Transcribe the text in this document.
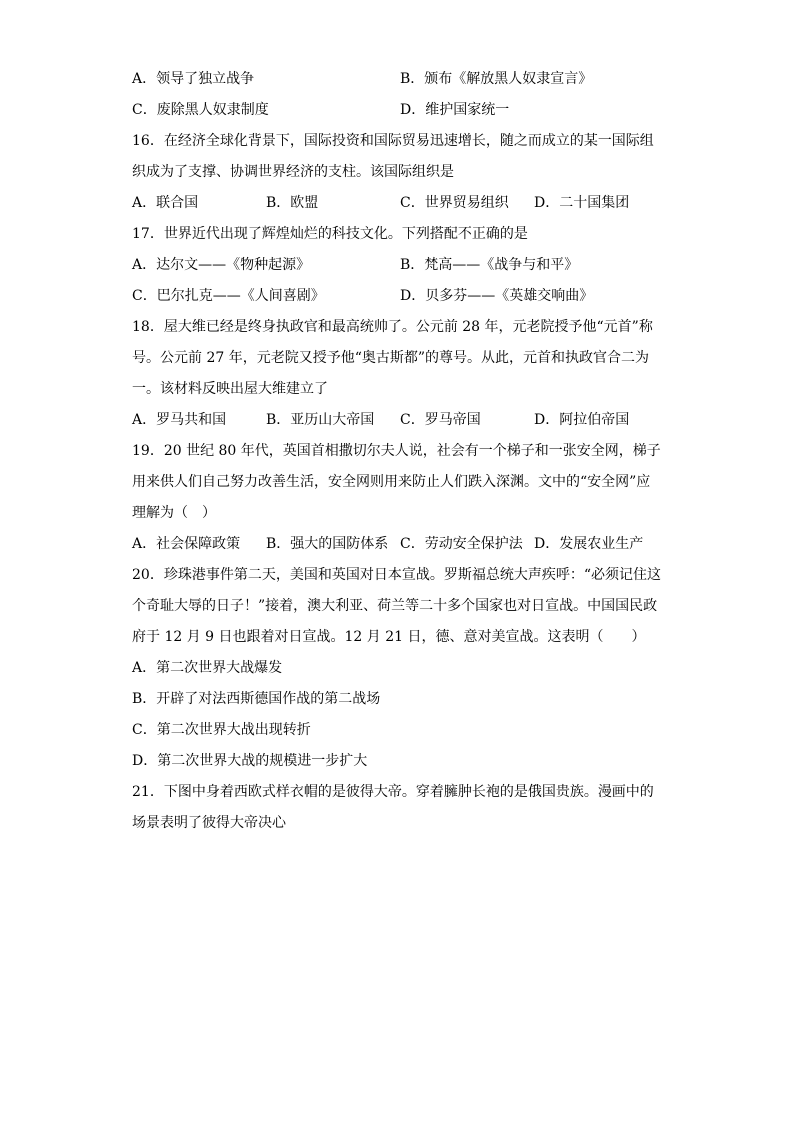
A．领导了独立战争	B．颁布《解放黑人奴隶宣言》
C．废除黑人奴隶制度	D．维护国家统一
16．在经济全球化背景下，国际投资和国际贸易迅速增长，随之而成立的某一国际组
织成为了支撑、协调世界经济的支柱。该国际组织是
A．联合国	B．欧盟	C．世界贸易组织	D．二十国集团
17．世界近代出现了辉煌灿烂的科技文化。下列搭配不正确的是
A．达尔文——《物种起源》	B．梵高——《战争与和平》
C．巴尔扎克——《人间喜剧》	D．贝多芬——《英雄交响曲》
18．屋大维已经是终身执政官和最高统帅了。公元前 28 年，元老院授予他“元首”称
号。公元前 27 年，元老院又授予他“奥古斯都”的尊号。从此，元首和执政官合二为
一。该材料反映出屋大维建立了
A．罗马共和国	B．亚历山大帝国	C．罗马帝国	D．阿拉伯帝国
19．20 世纪 80 年代，英国首相撒切尔夫人说，社会有一个梯子和一张安全网，梯子
用来供人们自己努力改善生活，安全网则用来防止人们跌入深渊。文中的“安全网”应
理解为（　）
A．社会保障政策	B．强大的国防体系 C．劳动安全保护法 D．发展农业生产
20．珍珠港事件第二天，美国和英国对日本宣战。罗斯福总统大声疾呼：“必须记住这
个奇耻大辱的日子！”接着，澳大利亚、荷兰等二十多个国家也对日宣战。中国国民政
府于 12 月 9 日也跟着对日宣战。12 月 21 日，德、意对美宣战。这表明（　　）
A．第二次世界大战爆发
B．开辟了对法西斯德国作战的第二战场
C．第二次世界大战出现转折
D．第二次世界大战的规模进一步扩大
21．下图中身着西欧式样衣帽的是彼得大帝。穿着臃肿长袍的是俄国贵族。漫画中的
场景表明了彼得大帝决心
